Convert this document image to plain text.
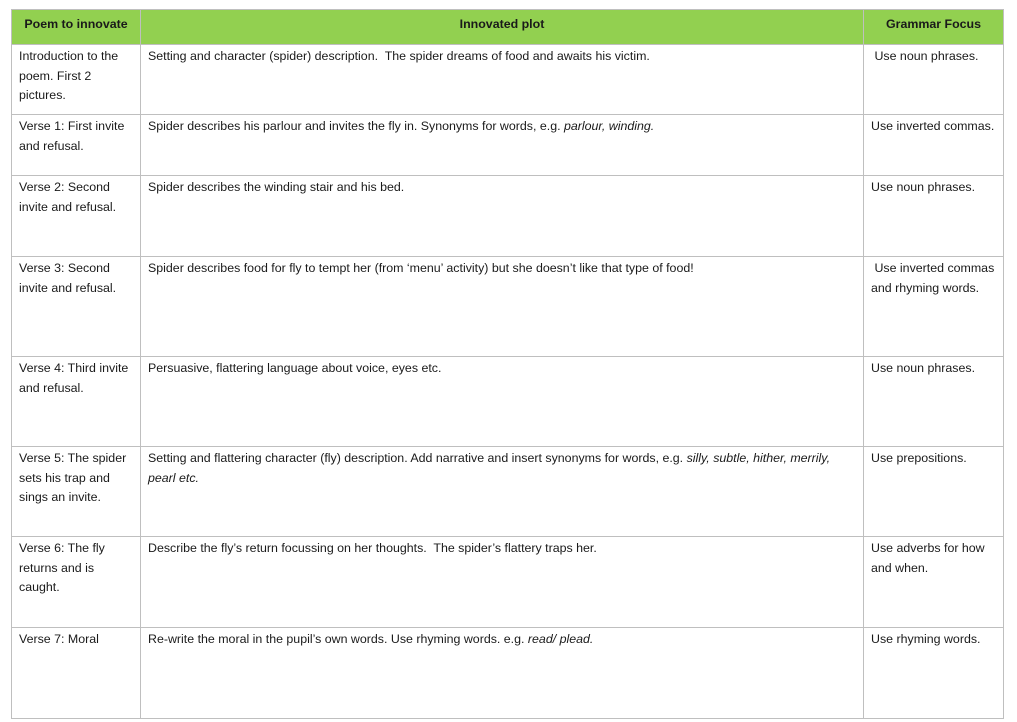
Poem to innovate	Innovated plot	Grammar Focus
Introduction to the poem. First 2 pictures.	Setting and character (spider) description.  The spider dreams of food and awaits his victim.	Use noun phrases.
Verse 1: First invite and refusal.	Spider describes his parlour and invites the fly in. Synonyms for words, e.g. parlour, winding.	Use inverted commas.
Verse 2: Second invite and refusal.	Spider describes the winding stair and his bed.	Use noun phrases.
Verse 3: Second invite and refusal.	Spider describes food for fly to tempt her (from ‘menu’ activity) but she doesn’t like that type of food!	Use inverted commas and rhyming words.
Verse 4: Third invite and refusal.	Persuasive, flattering language about voice, eyes etc.	Use noun phrases.
Verse 5: The spider sets his trap and sings an invite.	Setting and flattering character (fly) description. Add narrative and insert synonyms for words, e.g. silly, subtle, hither, merrily, pearl etc.	Use prepositions.
Verse 6: The fly returns and is caught.	Describe the fly’s return focussing on her thoughts.  The spider’s flattery traps her.	Use adverbs for how and when.
Verse 7: Moral	Re-write the moral in the pupil’s own words. Use rhyming words. e.g. read/ plead.	Use rhyming words.
